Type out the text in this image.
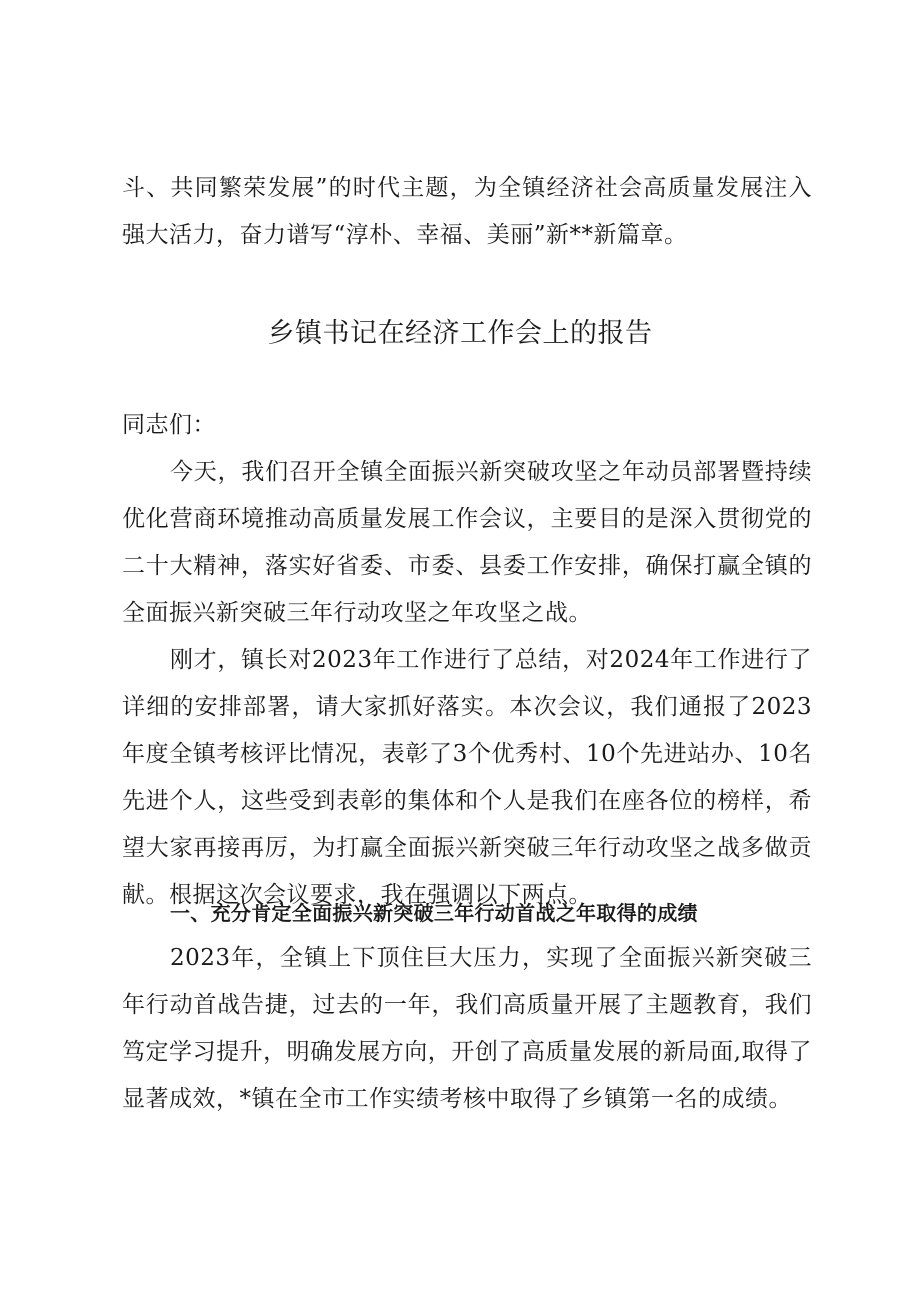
斗、共同繁荣发展”的时代主题，为全镇经济社会高质量发展注入强大活力，奋力谱写“淳朴、幸福、美丽”新**新篇章。

乡镇书记在经济工作会上的报告

同志们：

今天，我们召开全镇全面振兴新突破攻坚之年动员部署暨持续优化营商环境推动高质量发展工作会议，主要目的是深入贯彻党的二十大精神，落实好省委、市委、县委工作安排，确保打赢全镇的全面振兴新突破三年行动攻坚之年攻坚之战。

刚才，镇长对2023年工作进行了总结，对2024年工作进行了详细的安排部署，请大家抓好落实。本次会议，我们通报了2023年度全镇考核评比情况，表彰了3个优秀村、10个先进站办、10名先进个人，这些受到表彰的集体和个人是我们在座各位的榜样，希望大家再接再厉，为打赢全面振兴新突破三年行动攻坚之战多做贡献。根据这次会议要求，我在强调以下两点。

一、充分肯定全面振兴新突破三年行动首战之年取得的成绩

2023年，全镇上下顶住巨大压力，实现了全面振兴新突破三年行动首战告捷，过去的一年，我们高质量开展了主题教育，我们笃定学习提升，明确发展方向，开创了高质量发展的新局面,取得了显著成效，*镇在全市工作实绩考核中取得了乡镇第一名的成绩。
